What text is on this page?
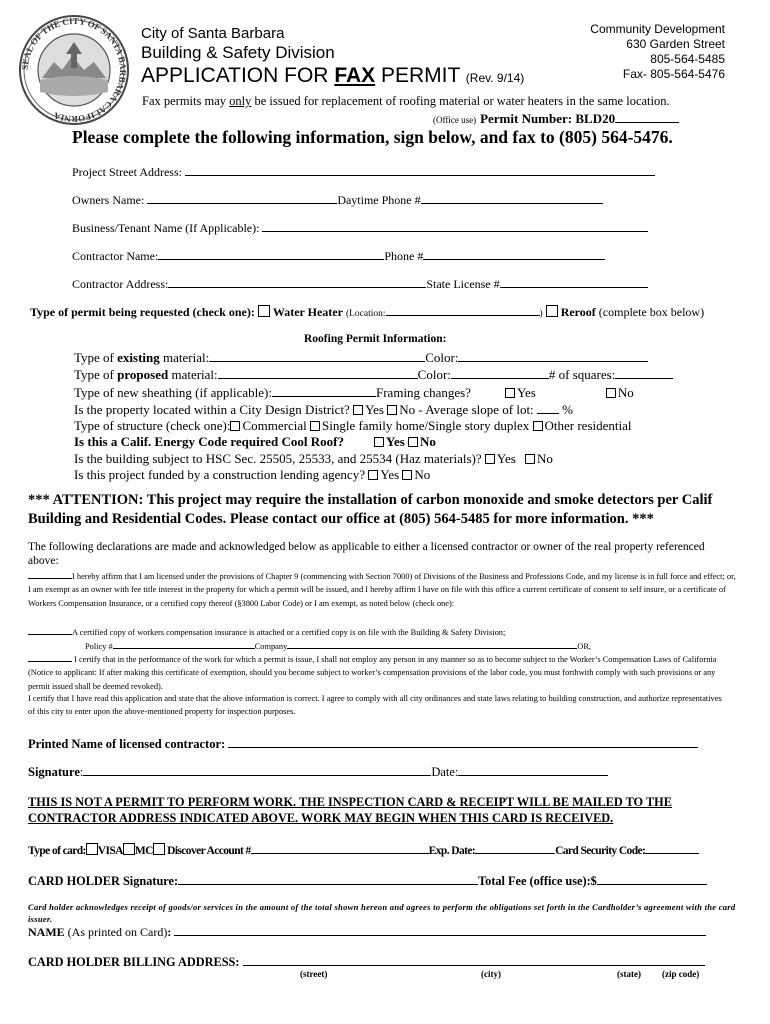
SEAL OF THE CITY OF SANTA BARBARA CALIFORNIA
City of Santa Barbara
Building & Safety Division
APPLICATION FOR FAX PERMIT (Rev. 9/14)
Community Development
630 Garden Street
805-564-5485
Fax- 805-564-5476
Fax permits may only be issued for replacement of roofing material or water heaters in the same location.
(Office use) Permit Number: BLD20
Please complete the following information, sign below, and fax to (805) 564-5476.
Project Street Address:
Owners Name:	Daytime Phone #
Business/Tenant Name (If Applicable):
Contractor Name:	Phone #
Contractor Address:	State License #
Type of permit being requested (check one): Water Heater (Location:	) Reroof (complete box below)
Roofing Permit Information:
Type of existing material:	Color:
Type of proposed material:	Color:	# of squares:
Type of new sheathing (if applicable):	Framing changes?	Yes	No
Is the property located within a City Design District? Yes No - Average slope of lot: %
Type of structure (check one): Commercial Single family home/Single story duplex Other residential
Is this a Calif. Energy Code required Cool Roof?	Yes No
Is the building subject to HSC Sec. 25505, 25533, and 25534 (Haz materials)? Yes No
Is this project funded by a construction lending agency? Yes No
*** ATTENTION: This project may require the installation of carbon monoxide and smoke detectors per Calif Building and Residential Codes. Please contact our office at (805) 564-5485 for more information. ***
The following declarations are made and acknowledged below as applicable to either a licensed contractor or owner of the real property referenced above:
I hereby affirm that I am licensed under the provisions of Chapter 9 (commencing with Section 7000) of Divisions of the Business and Professions Code, and my license is in full force and effect; or, I am exempt as an owner with fee title interest in the property for which a permit will be issued, and I hereby affirm I have on file with this office a current certificate of consent to self insure, or a certificate of Workers Compensation Insurance, or a certified copy thereof (§3800 Labor Code) or I am exempt, as noted below (check one):
A certified copy of workers compensation insurance is attached or a certified copy is on file with the Building & Safety Division;
Policy #	Company	OR,
I certify that in the performance of the work for which a permit is issue, I shall not employ any person in any manner so as to become subject to the Worker’s Compensation Laws of California (Notice to applicant: If after making this certificate of exemption, should you become subject to worker’s compensation provisions of the labor code, you must forthwith comply with such provisions or any permit issued shall be deemed revoked).
I certify that I have read this application and state that the above information is correct. I agree to comply with all city ordinances and state laws relating to building construction, and authorize representatives of this city to enter upon the above-mentioned property for inspection purposes.
Printed Name of licensed contractor:
Signature:	Date:
THIS IS NOT A PERMIT TO PERFORM WORK. THE INSPECTION CARD & RECEIPT WILL BE MAILED TO THE
CONTRACTOR ADDRESS INDICATED ABOVE. WORK MAY BEGIN WHEN THIS CARD IS RECEIVED.
Type of card: VISA MC Discover Account #	Exp. Date:	Card Security Code:
CARD HOLDER Signature:	Total Fee (office use):$
Card holder acknowledges receipt of goods/or services in the amount of the total shown hereon and agrees to perform the obligations set forth in the Cardholder’s agreement with the card issuer.
NAME (As printed on Card):
CARD HOLDER BILLING ADDRESS:
(street)	(city)	(state) (zip code)
